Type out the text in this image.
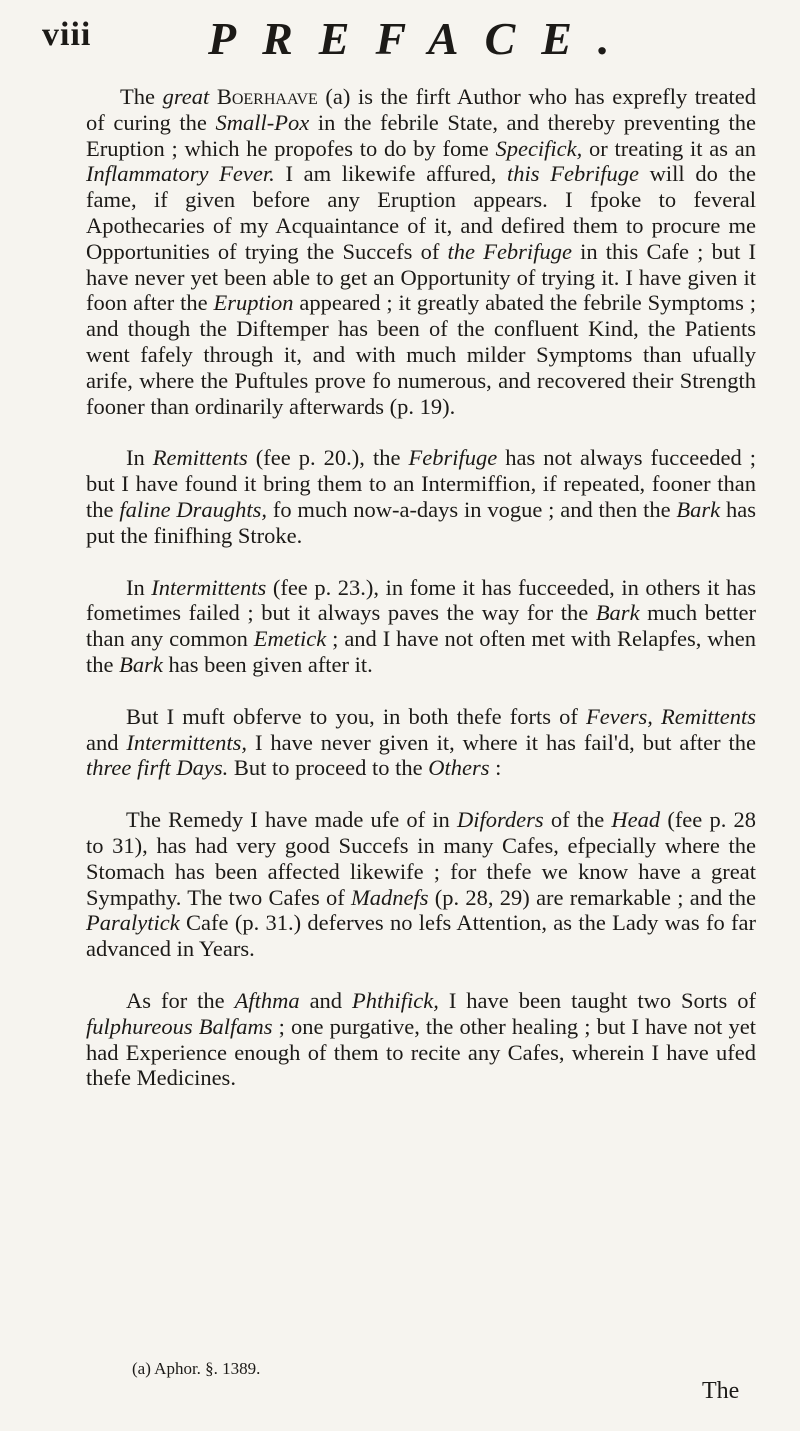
viii	PREFACE.

The great Boerhaave (a) is the firft Author who has exprefly treated of curing the Small-Pox in the febrile State, and thereby preventing the Eruption ; which he propofes to do by fome Specifick, or treating it as an Inflammatory Fever. I am likewife affured, this Febrifuge will do the fame, if given before any Eruption appears. I fpoke to feveral Apothecaries of my Acquaintance of it, and defired them to procure me Opportunities of trying the Succefs of the Febrifuge in this Cafe ; but I have never yet been able to get an Opportunity of trying it. I have given it foon after the Eruption appeared ; it greatly abated the febrile Symptoms ; and though the Diftemper has been of the confluent Kind, the Patients went fafely through it, and with much milder Symptoms than ufually arife, where the Puftules prove fo numerous, and recovered their Strength fooner than ordinarily afterwards (p. 19).

In Remittents (fee p. 20.), the Febrifuge has not always fucceeded ; but I have found it bring them to an Intermiffion, if repeated, fooner than the faline Draughts, fo much now-a-days in vogue ; and then the Bark has put the finifhing Stroke.

In Intermittents (fee p. 23.), in fome it has fucceeded, in others it has fometimes failed ; but it always paves the way for the Bark much better than any common Emetick ; and I have not often met with Relapfes, when the Bark has been given after it.

But I muft obferve to you, in both thefe forts of Fevers, Remittents and Intermittents, I have never given it, where it has fail'd, but after the three firft Days. But to proceed to the Others :

The Remedy I have made ufe of in Diforders of the Head (fee p. 28 to 31), has had very good Succefs in many Cafes, efpecially where the Stomach has been affected likewife ; for thefe we know have a great Sympathy. The two Cafes of Madnefs (p. 28, 29) are remarkable ; and the Paralytick Cafe (p. 31.) deferves no lefs Attention, as the Lady was fo far advanced in Years.

As for the Afthma and Phthifick, I have been taught two Sorts of fulphureous Balfams ; one purgative, the other healing ; but I have not yet had Experience enough of them to recite any Cafes, wherein I have ufed thefe Medicines.

(a) Aphor. §. 1389.
The
